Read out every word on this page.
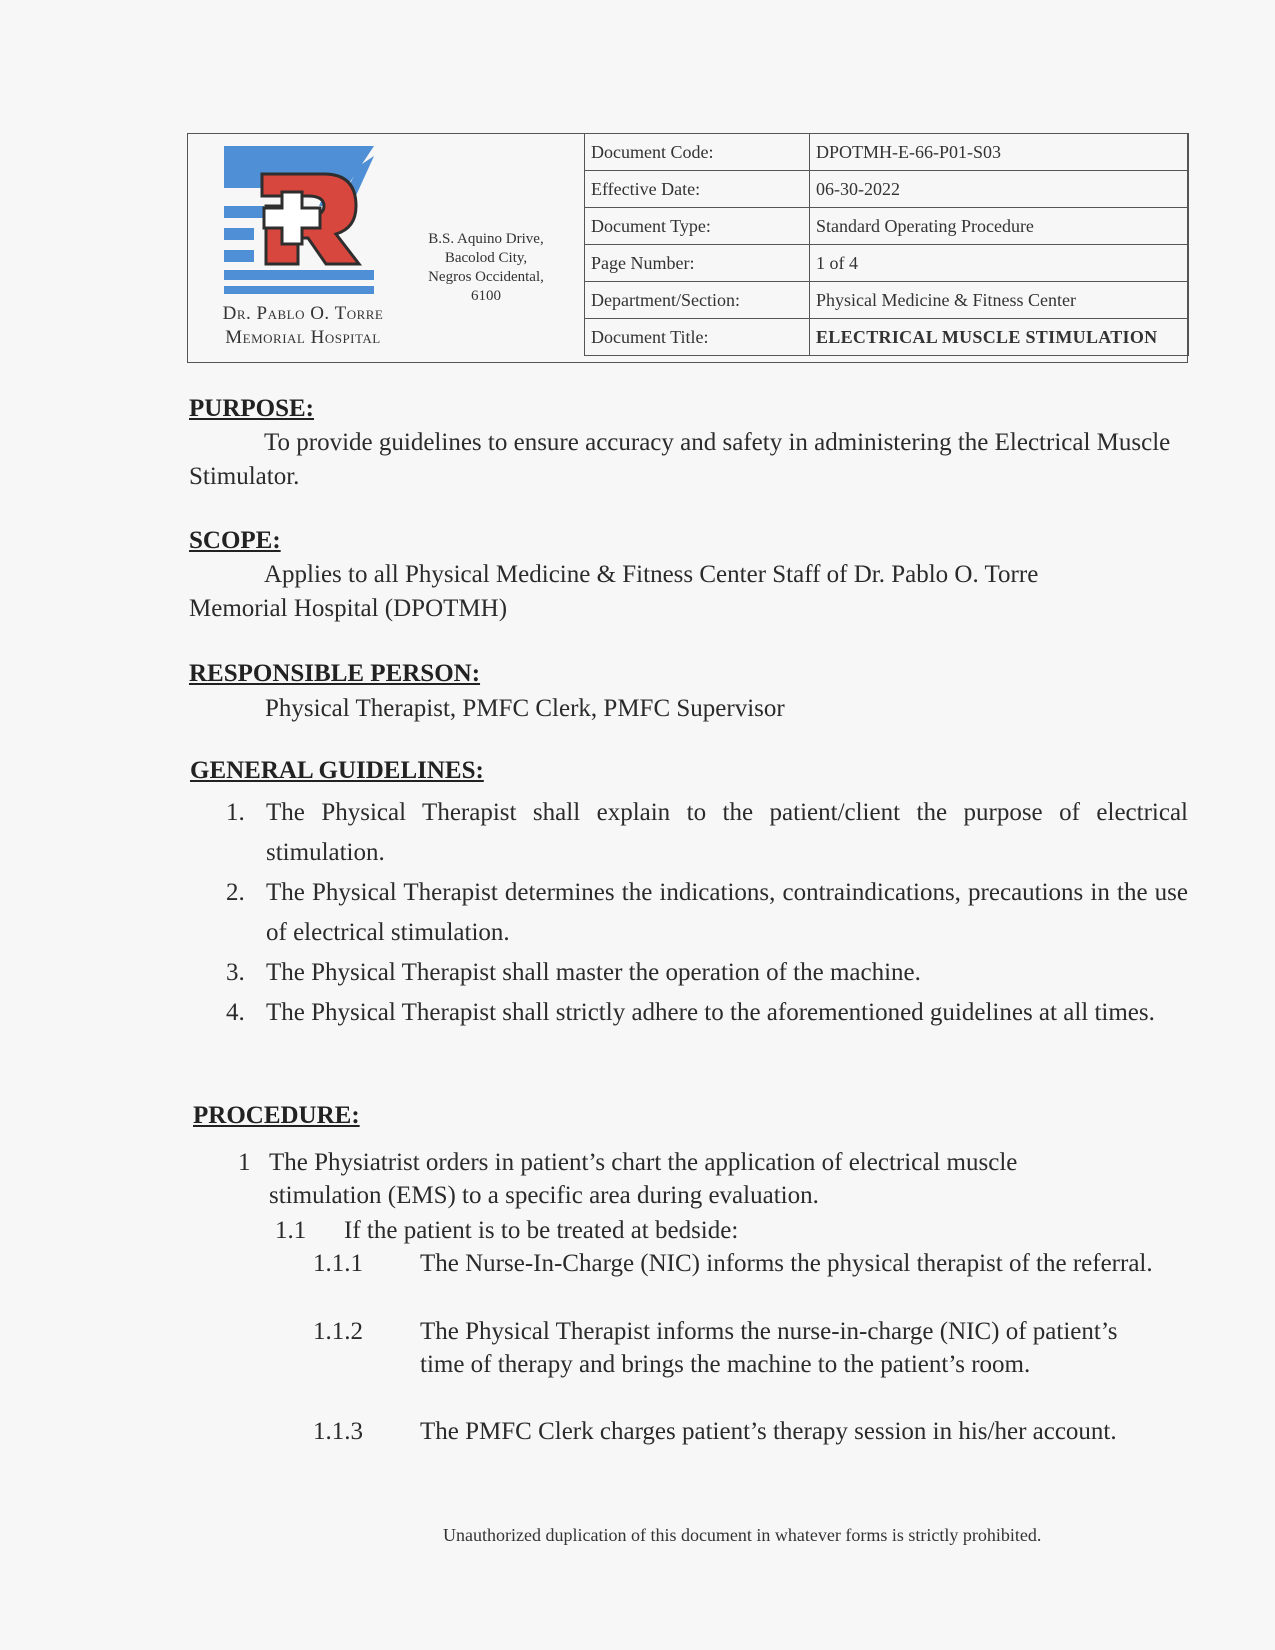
Dr. Pablo O. Torre
Memorial Hospital
B.S. Aquino Drive,
Bacolod City,
Negros Occidental,
6100
Document Code:	DPOTMH-E-66-P01-S03
Effective Date:	06-30-2022
Document Type:	Standard Operating Procedure
Page Number:	1 of 4
Department/Section:	Physical Medicine & Fitness Center
Document Title:	ELECTRICAL MUSCLE STIMULATION
PURPOSE:
To provide guidelines to ensure accuracy and safety in administering the Electrical Muscle Stimulator.
SCOPE:
Applies to all Physical Medicine & Fitness Center Staff of Dr. Pablo O. Torre Memorial Hospital (DPOTMH)
RESPONSIBLE PERSON:
Physical Therapist, PMFC Clerk, PMFC Supervisor
GENERAL GUIDELINES:
1. The Physical Therapist shall explain to the patient/client the purpose of electrical stimulation.
2. The Physical Therapist determines the indications, contraindications, precautions in the use of electrical stimulation.
3. The Physical Therapist shall master the operation of the machine.
4. The Physical Therapist shall strictly adhere to the aforementioned guidelines at all times.
PROCEDURE:
1 The Physiatrist orders in patient’s chart the application of electrical muscle stimulation (EMS) to a specific area during evaluation.
1.1 If the patient is to be treated at bedside:
1.1.1 The Nurse-In-Charge (NIC) informs the physical therapist of the referral.
1.1.2 The Physical Therapist informs the nurse-in-charge (NIC) of patient’s time of therapy and brings the machine to the patient’s room.
1.1.3 The PMFC Clerk charges patient’s therapy session in his/her account.
Unauthorized duplication of this document in whatever forms is strictly prohibited.
